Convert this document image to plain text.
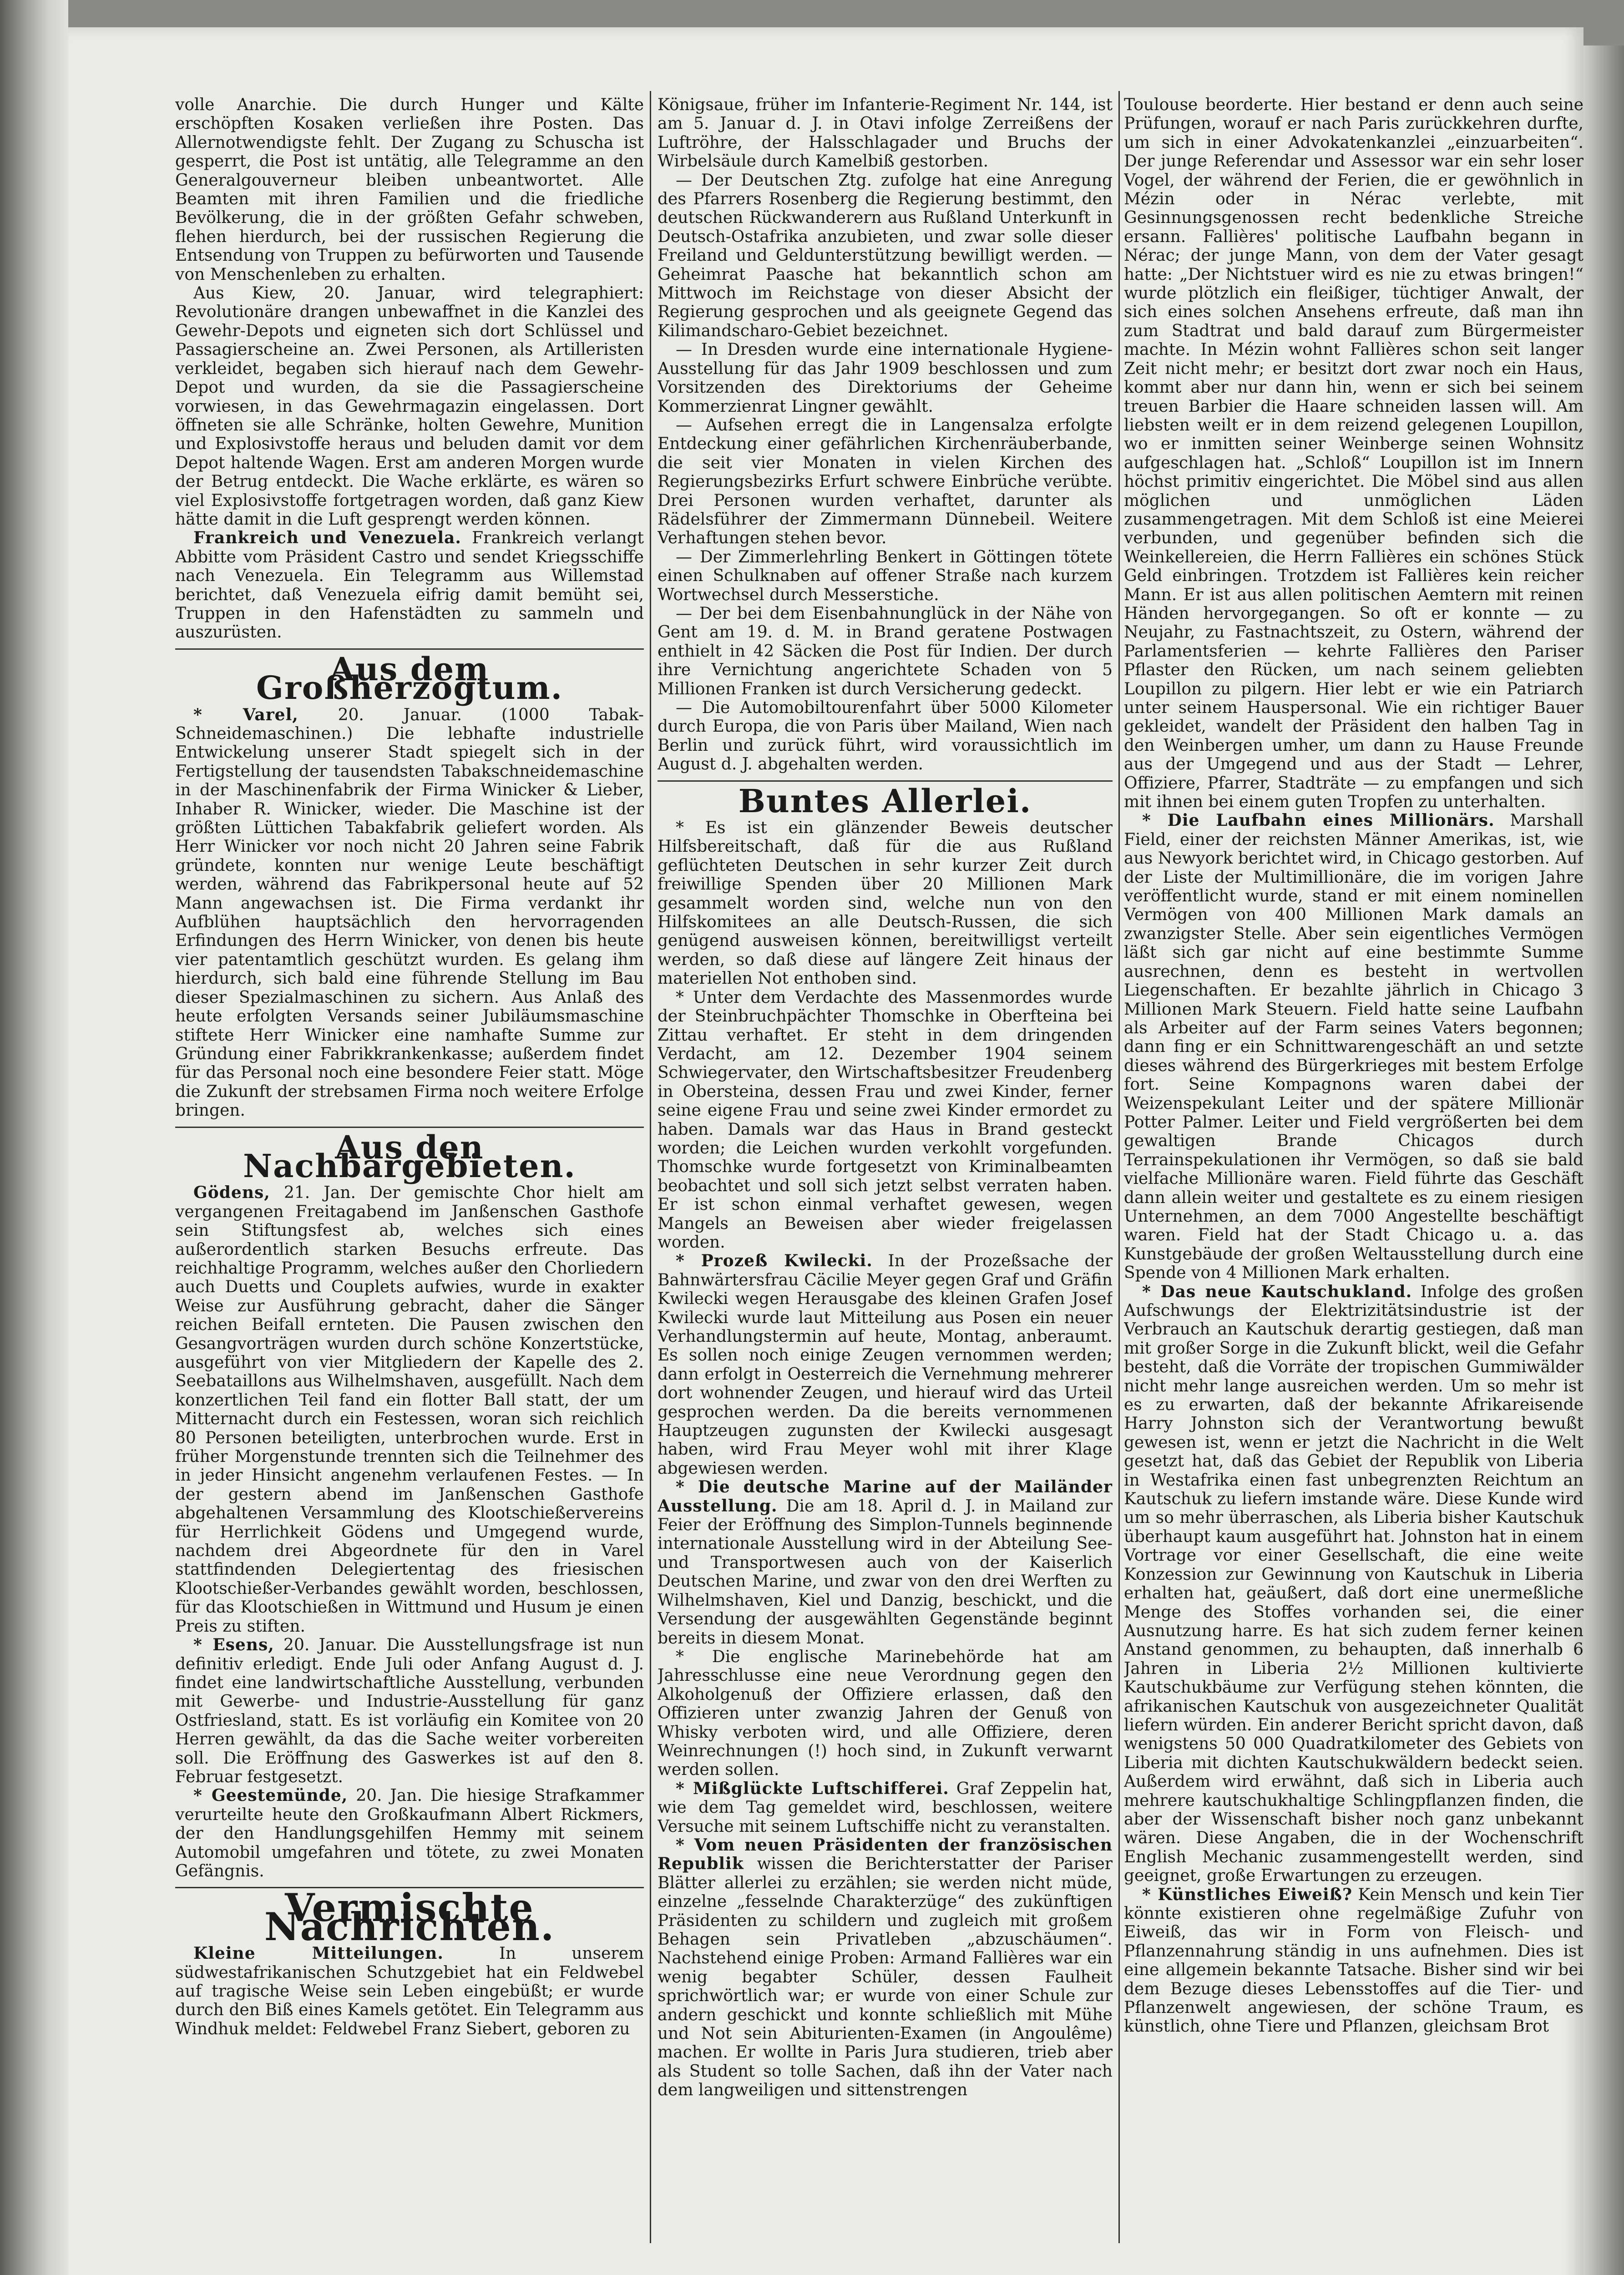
volle Anarchie. Die durch Hunger und Kälte erschöpften Kosaken verließen ihre Posten. Das Allernotwendigste fehlt. Der Zugang zu Schuscha ist gesperrt, die Post ist untätig, alle Telegramme an den Generalgouverneur bleiben unbeantwortet. Alle Beamten mit ihren Familien und die friedliche Bevölkerung, die in der größten Gefahr schweben, flehen hierdurch, bei der russischen Regierung die Entsendung von Truppen zu befürworten und Tausende von Menschenleben zu erhalten.

Aus Kiew, 20. Januar, wird telegraphiert: Revolutionäre drangen unbewaffnet in die Kanzlei des Gewehr-Depots und eigneten sich dort Schlüssel und Passagierscheine an. Zwei Personen, als Artilleristen verkleidet, begaben sich hierauf nach dem Gewehr-Depot und wurden, da sie die Passagierscheine vorwiesen, in das Gewehrmagazin eingelassen. Dort öffneten sie alle Schränke, holten Gewehre, Munition und Explosivstoffe heraus und beluden damit vor dem Depot haltende Wagen. Erst am anderen Morgen wurde der Betrug entdeckt. Die Wache erklärte, es wären so viel Explosivstoffe fortgetragen worden, daß ganz Kiew hätte damit in die Luft gesprengt werden können.

Frankreich und Venezuela. Frankreich verlangt Abbitte vom Präsident Castro und sendet Kriegsschiffe nach Venezuela. Ein Telegramm aus Willemstad berichtet, daß Venezuela eifrig damit bemüht sei, Truppen in den Hafenstädten zu sammeln und auszurüsten.

Aus dem Großherzogtum.

* Varel, 20. Januar. (1000 Tabak-Schneidemaschinen.) Die lebhafte industrielle Entwickelung unserer Stadt spiegelt sich in der Fertigstellung der tausendsten Tabakschneidemaschine in der Maschinenfabrik der Firma Winicker & Lieber, Inhaber R. Winicker, wieder. Die Maschine ist der größten Lüttichen Tabakfabrik geliefert worden. Als Herr Winicker vor noch nicht 20 Jahren seine Fabrik gründete, konnten nur wenige Leute beschäftigt werden, während das Fabrikpersonal heute auf 52 Mann angewachsen ist. Die Firma verdankt ihr Aufblühen hauptsächlich den hervorragenden Erfindungen des Herrn Winicker, von denen bis heute vier patentamtlich geschützt wurden. Es gelang ihm hierdurch, sich bald eine führende Stellung im Bau dieser Spezialmaschinen zu sichern. Aus Anlaß des heute erfolgten Versands seiner Jubiläumsmaschine stiftete Herr Winicker eine namhafte Summe zur Gründung einer Fabrikkrankenkasse; außerdem findet für das Personal noch eine besondere Feier statt. Möge die Zukunft der strebsamen Firma noch weitere Erfolge bringen.

Aus den Nachbargebieten.

Gödens, 21. Jan. Der gemischte Chor hielt am vergangenen Freitagabend im Janßenschen Gasthofe sein Stiftungsfest ab, welches sich eines außerordentlich starken Besuchs erfreute. Das reichhaltige Programm, welches außer den Chorliedern auch Duetts und Couplets aufwies, wurde in exakter Weise zur Ausführung gebracht, daher die Sänger reichen Beifall ernteten. Die Pausen zwischen den Gesangvorträgen wurden durch schöne Konzertstücke, ausgeführt von vier Mitgliedern der Kapelle des 2. Seebataillons aus Wilhelmshaven, ausgefüllt. Nach dem konzertlichen Teil fand ein flotter Ball statt, der um Mitternacht durch ein Festessen, woran sich reichlich 80 Personen beteiligten, unterbrochen wurde. Erst in früher Morgenstunde trennten sich die Teilnehmer des in jeder Hinsicht angenehm verlaufenen Festes. — In der gestern abend im Janßenschen Gasthofe abgehaltenen Versammlung des Klootschießervereins für Herrlichkeit Gödens und Umgegend wurde, nachdem drei Abgeordnete für den in Varel stattfindenden Delegiertentag des friesischen Klootschießer-Verbandes gewählt worden, beschlossen, für das Klootschießen in Wittmund und Husum je einen Preis zu stiften.

* Esens, 20. Januar. Die Ausstellungsfrage ist nun definitiv erledigt. Ende Juli oder Anfang August d. J. findet eine landwirtschaftliche Ausstellung, verbunden mit Gewerbe- und Industrie-Ausstellung für ganz Ostfriesland, statt. Es ist vorläufig ein Komitee von 20 Herren gewählt, da das die Sache weiter vorbereiten soll. Die Eröffnung des Gaswerkes ist auf den 8. Februar festgesetzt.

* Geestemünde, 20. Jan. Die hiesige Strafkammer verurteilte heute den Großkaufmann Albert Rickmers, der den Handlungsgehilfen Hemmy mit seinem Automobil umgefahren und tötete, zu zwei Monaten Gefängnis.

Vermischte Nachrichten.

Kleine Mitteilungen. In unserem südwestafrikanischen Schutzgebiet hat ein Feldwebel auf tragische Weise sein Leben eingebüßt; er wurde durch den Biß eines Kamels getötet. Ein Telegramm aus Windhuk meldet: Feldwebel Franz Siebert, geboren zu

Königsaue, früher im Infanterie-Regiment Nr. 144, ist am 5. Januar d. J. in Otavi infolge Zerreißens der Luftröhre, der Halsschlagader und Bruchs der Wirbelsäule durch Kamelbiß gestorben.

— Der Deutschen Ztg. zufolge hat eine Anregung des Pfarrers Rosenberg die Regierung bestimmt, den deutschen Rückwanderern aus Rußland Unterkunft in Deutsch-Ostafrika anzubieten, und zwar solle dieser Freiland und Geldunterstützung bewilligt werden. — Geheimrat Paasche hat bekanntlich schon am Mittwoch im Reichstage von dieser Absicht der Regierung gesprochen und als geeignete Gegend das Kilimandscharo-Gebiet bezeichnet.

— In Dresden wurde eine internationale Hygiene-Ausstellung für das Jahr 1909 beschlossen und zum Vorsitzenden des Direktoriums der Geheime Kommerzienrat Lingner gewählt.

— Aufsehen erregt die in Langensalza erfolgte Entdeckung einer gefährlichen Kirchenräuberbande, die seit vier Monaten in vielen Kirchen des Regierungsbezirks Erfurt schwere Einbrüche verübte. Drei Personen wurden verhaftet, darunter als Rädelsführer der Zimmermann Dünnebeil. Weitere Verhaftungen stehen bevor.

— Der Zimmerlehrling Benkert in Göttingen tötete einen Schulknaben auf offener Straße nach kurzem Wortwechsel durch Messerstiche.

— Der bei dem Eisenbahnunglück in der Nähe von Gent am 19. d. M. in Brand geratene Postwagen enthielt in 42 Säcken die Post für Indien. Der durch ihre Vernichtung angerichtete Schaden von 5 Millionen Franken ist durch Versicherung gedeckt.

— Die Automobiltourenfahrt über 5000 Kilometer durch Europa, die von Paris über Mailand, Wien nach Berlin und zurück führt, wird voraussichtlich im August d. J. abgehalten werden.

Buntes Allerlei.

* Es ist ein glänzender Beweis deutscher Hilfsbereitschaft, daß für die aus Rußland geflüchteten Deutschen in sehr kurzer Zeit durch freiwillige Spenden über 20 Millionen Mark gesammelt worden sind, welche nun von den Hilfskomitees an alle Deutsch-Russen, die sich genügend ausweisen können, bereitwilligst verteilt werden, so daß diese auf längere Zeit hinaus der materiellen Not enthoben sind.

* Unter dem Verdachte des Massenmordes wurde der Steinbruchpächter Thomschke in Oberfteina bei Zittau verhaftet. Er steht in dem dringenden Verdacht, am 12. Dezember 1904 seinem Schwiegervater, den Wirtschaftsbesitzer Freudenberg in Obersteina, dessen Frau und zwei Kinder, ferner seine eigene Frau und seine zwei Kinder ermordet zu haben. Damals war das Haus in Brand gesteckt worden; die Leichen wurden verkohlt vorgefunden. Thomschke wurde fortgesetzt von Kriminalbeamten beobachtet und soll sich jetzt selbst verraten haben. Er ist schon einmal verhaftet gewesen, wegen Mangels an Beweisen aber wieder freigelassen worden.

* Prozeß Kwilecki. In der Prozeßsache der Bahnwärtersfrau Cäcilie Meyer gegen Graf und Gräfin Kwilecki wegen Herausgabe des kleinen Grafen Josef Kwilecki wurde laut Mitteilung aus Posen ein neuer Verhandlungstermin auf heute, Montag, anberaumt. Es sollen noch einige Zeugen vernommen werden; dann erfolgt in Oesterreich die Vernehmung mehrerer dort wohnender Zeugen, und hierauf wird das Urteil gesprochen werden. Da die bereits vernommenen Hauptzeugen zugunsten der Kwilecki ausgesagt haben, wird Frau Meyer wohl mit ihrer Klage abgewiesen werden.

* Die deutsche Marine auf der Mailänder Ausstellung. Die am 18. April d. J. in Mailand zur Feier der Eröffnung des Simplon-Tunnels beginnende internationale Ausstellung wird in der Abteilung See- und Transportwesen auch von der Kaiserlich Deutschen Marine, und zwar von den drei Werften zu Wilhelmshaven, Kiel und Danzig, beschickt, und die Versendung der ausgewählten Gegenstände beginnt bereits in diesem Monat.

* Die englische Marinebehörde hat am Jahresschlusse eine neue Verordnung gegen den Alkoholgenuß der Offiziere erlassen, daß den Offizieren unter zwanzig Jahren der Genuß von Whisky verboten wird, und alle Offiziere, deren Weinrechnungen (!) hoch sind, in Zukunft verwarnt werden sollen.

* Mißglückte Luftschifferei. Graf Zeppelin hat, wie dem Tag gemeldet wird, beschlossen, weitere Versuche mit seinem Luftschiffe nicht zu veranstalten.

* Vom neuen Präsidenten der französischen Republik wissen die Berichterstatter der Pariser Blätter allerlei zu erzählen; sie werden nicht müde, einzelne „fesselnde Charakterzüge“ des zukünftigen Präsidenten zu schildern und zugleich mit großem Behagen sein Privatleben „abzuschäumen“. Nachstehend einige Proben: Armand Fallières war ein wenig begabter Schüler, dessen Faulheit sprichwörtlich war; er wurde von einer Schule zur andern geschickt und konnte schließlich mit Mühe und Not sein Abiturienten-Examen (in Angoulême) machen. Er wollte in Paris Jura studieren, trieb aber als Student so tolle Sachen, daß ihn der Vater nach dem langweiligen und sittenstrengen

Toulouse beorderte. Hier bestand er denn auch seine Prüfungen, worauf er nach Paris zurückkehren durfte, um sich in einer Advokatenkanzlei „einzuarbeiten“. Der junge Referendar und Assessor war ein sehr loser Vogel, der während der Ferien, die er gewöhnlich in Mézin oder in Nérac verlebte, mit Gesinnungsgenossen recht bedenkliche Streiche ersann. Fallières' politische Laufbahn begann in Nérac; der junge Mann, von dem der Vater gesagt hatte: „Der Nichtstuer wird es nie zu etwas bringen!“ wurde plötzlich ein fleißiger, tüchtiger Anwalt, der sich eines solchen Ansehens erfreute, daß man ihn zum Stadtrat und bald darauf zum Bürgermeister machte. In Mézin wohnt Fallières schon seit langer Zeit nicht mehr; er besitzt dort zwar noch ein Haus, kommt aber nur dann hin, wenn er sich bei seinem treuen Barbier die Haare schneiden lassen will. Am liebsten weilt er in dem reizend gelegenen Loupillon, wo er inmitten seiner Weinberge seinen Wohnsitz aufgeschlagen hat. „Schloß“ Loupillon ist im Innern höchst primitiv eingerichtet. Die Möbel sind aus allen möglichen und unmöglichen Läden zusammengetragen. Mit dem Schloß ist eine Meierei verbunden, und gegenüber befinden sich die Weinkellereien, die Herrn Fallières ein schönes Stück Geld einbringen. Trotzdem ist Fallières kein reicher Mann. Er ist aus allen politischen Aemtern mit reinen Händen hervorgegangen. So oft er konnte — zu Neujahr, zu Fastnachtszeit, zu Ostern, während der Parlamentsferien — kehrte Fallières den Pariser Pflaster den Rücken, um nach seinem geliebten Loupillon zu pilgern. Hier lebt er wie ein Patriarch unter seinem Hauspersonal. Wie ein richtiger Bauer gekleidet, wandelt der Präsident den halben Tag in den Weinbergen umher, um dann zu Hause Freunde aus der Umgegend und aus der Stadt — Lehrer, Offiziere, Pfarrer, Stadträte — zu empfangen und sich mit ihnen bei einem guten Tropfen zu unterhalten.

* Die Laufbahn eines Millionärs. Marshall Field, einer der reichsten Männer Amerikas, ist, wie aus Newyork berichtet wird, in Chicago gestorben. Auf der Liste der Multimillionäre, die im vorigen Jahre veröffentlicht wurde, stand er mit einem nominellen Vermögen von 400 Millionen Mark damals an zwanzigster Stelle. Aber sein eigentliches Vermögen läßt sich gar nicht auf eine bestimmte Summe ausrechnen, denn es besteht in wertvollen Liegenschaften. Er bezahlte jährlich in Chicago 3 Millionen Mark Steuern. Field hatte seine Laufbahn als Arbeiter auf der Farm seines Vaters begonnen; dann fing er ein Schnittwarengeschäft an und setzte dieses während des Bürgerkrieges mit bestem Erfolge fort. Seine Kompagnons waren dabei der Weizenspekulant Leiter und der spätere Millionär Potter Palmer. Leiter und Field vergrößerten bei dem gewaltigen Brande Chicagos durch Terrainspekulationen ihr Vermögen, so daß sie bald vielfache Millionäre waren. Field führte das Geschäft dann allein weiter und gestaltete es zu einem riesigen Unternehmen, an dem 7000 Angestellte beschäftigt waren. Field hat der Stadt Chicago u. a. das Kunstgebäude der großen Weltausstellung durch eine Spende von 4 Millionen Mark erhalten.

* Das neue Kautschukland. Infolge des großen Aufschwungs der Elektrizitätsindustrie ist der Verbrauch an Kautschuk derartig gestiegen, daß man mit großer Sorge in die Zukunft blickt, weil die Gefahr besteht, daß die Vorräte der tropischen Gummiwälder nicht mehr lange ausreichen werden. Um so mehr ist es zu erwarten, daß der bekannte Afrikareisende Harry Johnston sich der Verantwortung bewußt gewesen ist, wenn er jetzt die Nachricht in die Welt gesetzt hat, daß das Gebiet der Republik von Liberia in Westafrika einen fast unbegrenzten Reichtum an Kautschuk zu liefern imstande wäre. Diese Kunde wird um so mehr überraschen, als Liberia bisher Kautschuk überhaupt kaum ausgeführt hat. Johnston hat in einem Vortrage vor einer Gesellschaft, die eine weite Konzession zur Gewinnung von Kautschuk in Liberia erhalten hat, geäußert, daß dort eine unermeßliche Menge des Stoffes vorhanden sei, die einer Ausnutzung harre. Es hat sich zudem ferner keinen Anstand genommen, zu behaupten, daß innerhalb 6 Jahren in Liberia 2½ Millionen kultivierte Kautschukbäume zur Verfügung stehen könnten, die afrikanischen Kautschuk von ausgezeichneter Qualität liefern würden. Ein anderer Bericht spricht davon, daß wenigstens 50 000 Quadratkilometer des Gebiets von Liberia mit dichten Kautschukwäldern bedeckt seien. Außerdem wird erwähnt, daß sich in Liberia auch mehrere kautschukhaltige Schlingpflanzen finden, die aber der Wissenschaft bisher noch ganz unbekannt wären. Diese Angaben, die in der Wochenschrift English Mechanic zusammengestellt werden, sind geeignet, große Erwartungen zu erzeugen.

* Künstliches Eiweiß? Kein Mensch und kein Tier könnte existieren ohne regelmäßige Zufuhr von Eiweiß, das wir in Form von Fleisch- und Pflanzennahrung ständig in uns aufnehmen. Dies ist eine allgemein bekannte Tatsache. Bisher sind wir bei dem Bezuge dieses Lebensstoffes auf die Tier- und Pflanzenwelt angewiesen, der schöne Traum, es künstlich, ohne Tiere und Pflanzen, gleichsam Brot
